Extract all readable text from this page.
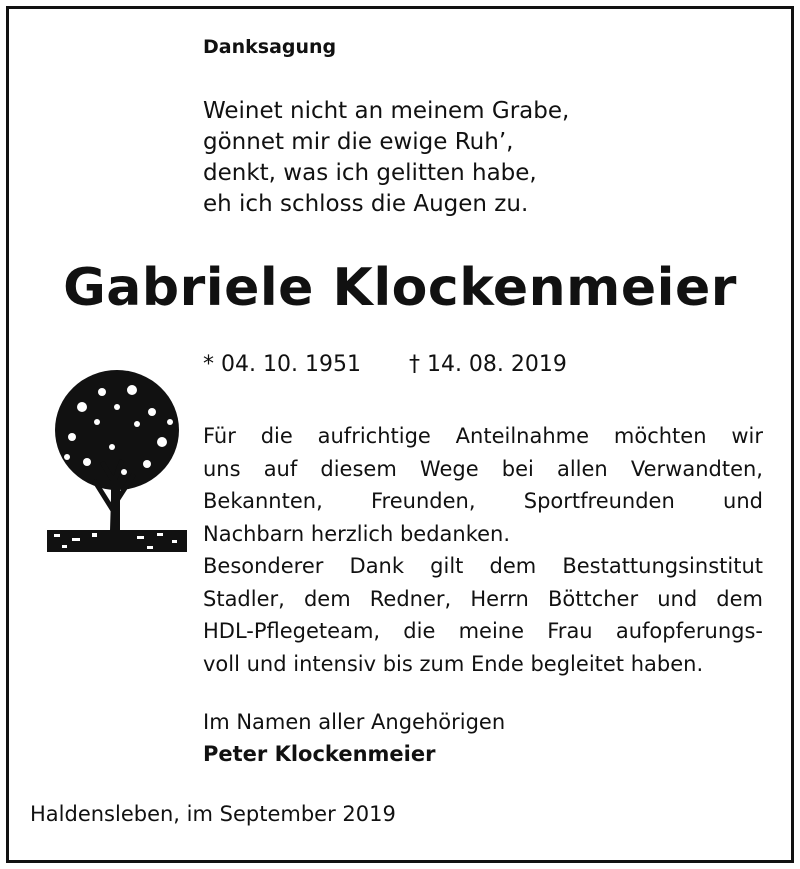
Danksagung
Weinet nicht an meinem Grabe,
gönnet mir die ewige Ruh’,
denkt, was ich gelitten habe,
eh ich schloss die Augen zu.
Gabriele Klockenmeier
* 04. 10. 1951 † 14. 08. 2019
Für die aufrichtige Anteilnahme möchten wir
uns auf diesem Wege bei allen Verwandten,
Bekannten, Freunden, Sportfreunden und
Nachbarn herzlich bedanken.
Besonderer Dank gilt dem Bestattungsinstitut
Stadler, dem Redner, Herrn Böttcher und dem
HDL-Pflegeteam, die meine Frau aufopferungs-
voll und intensiv bis zum Ende begleitet haben.
Im Namen aller Angehörigen
Peter Klockenmeier
Haldensleben, im September 2019
